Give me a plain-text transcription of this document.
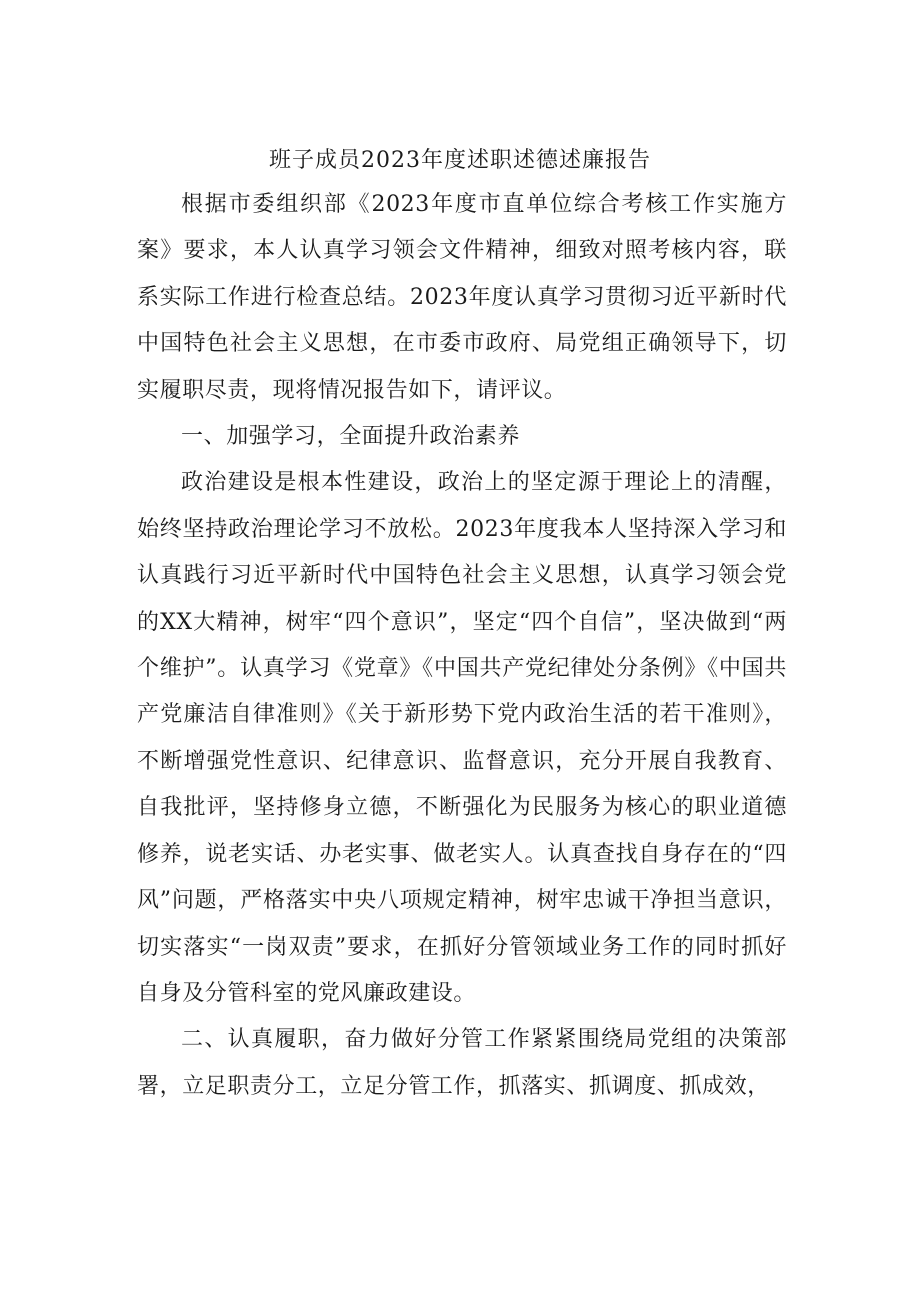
班子成员2023年度述职述德述廉报告

根据市委组织部《2023年度市直单位综合考核工作实施方案》要求，本人认真学习领会文件精神，细致对照考核内容，联系实际工作进行检查总结。2023年度认真学习贯彻习近平新时代中国特色社会主义思想，在市委市政府、局党组正确领导下，切实履职尽责，现将情况报告如下，请评议。

一、加强学习，全面提升政治素养

政治建设是根本性建设，政治上的坚定源于理论上的清醒，始终坚持政治理论学习不放松。2023年度我本人坚持深入学习和认真践行习近平新时代中国特色社会主义思想，认真学习领会党的XX大精神，树牢“四个意识”，坚定“四个自信”，坚决做到“两个维护”。认真学习《党章》《中国共产党纪律处分条例》《中国共产党廉洁自律准则》《关于新形势下党内政治生活的若干准则》，不断增强党性意识、纪律意识、监督意识，充分开展自我教育、自我批评，坚持修身立德，不断强化为民服务为核心的职业道德修养，说老实话、办老实事、做老实人。认真查找自身存在的“四风”问题，严格落实中央八项规定精神，树牢忠诚干净担当意识，切实落实“一岗双责”要求，在抓好分管领域业务工作的同时抓好自身及分管科室的党风廉政建设。

二、认真履职，奋力做好分管工作紧紧围绕局党组的决策部署，立足职责分工，立足分管工作，抓落实、抓调度、抓成效，
